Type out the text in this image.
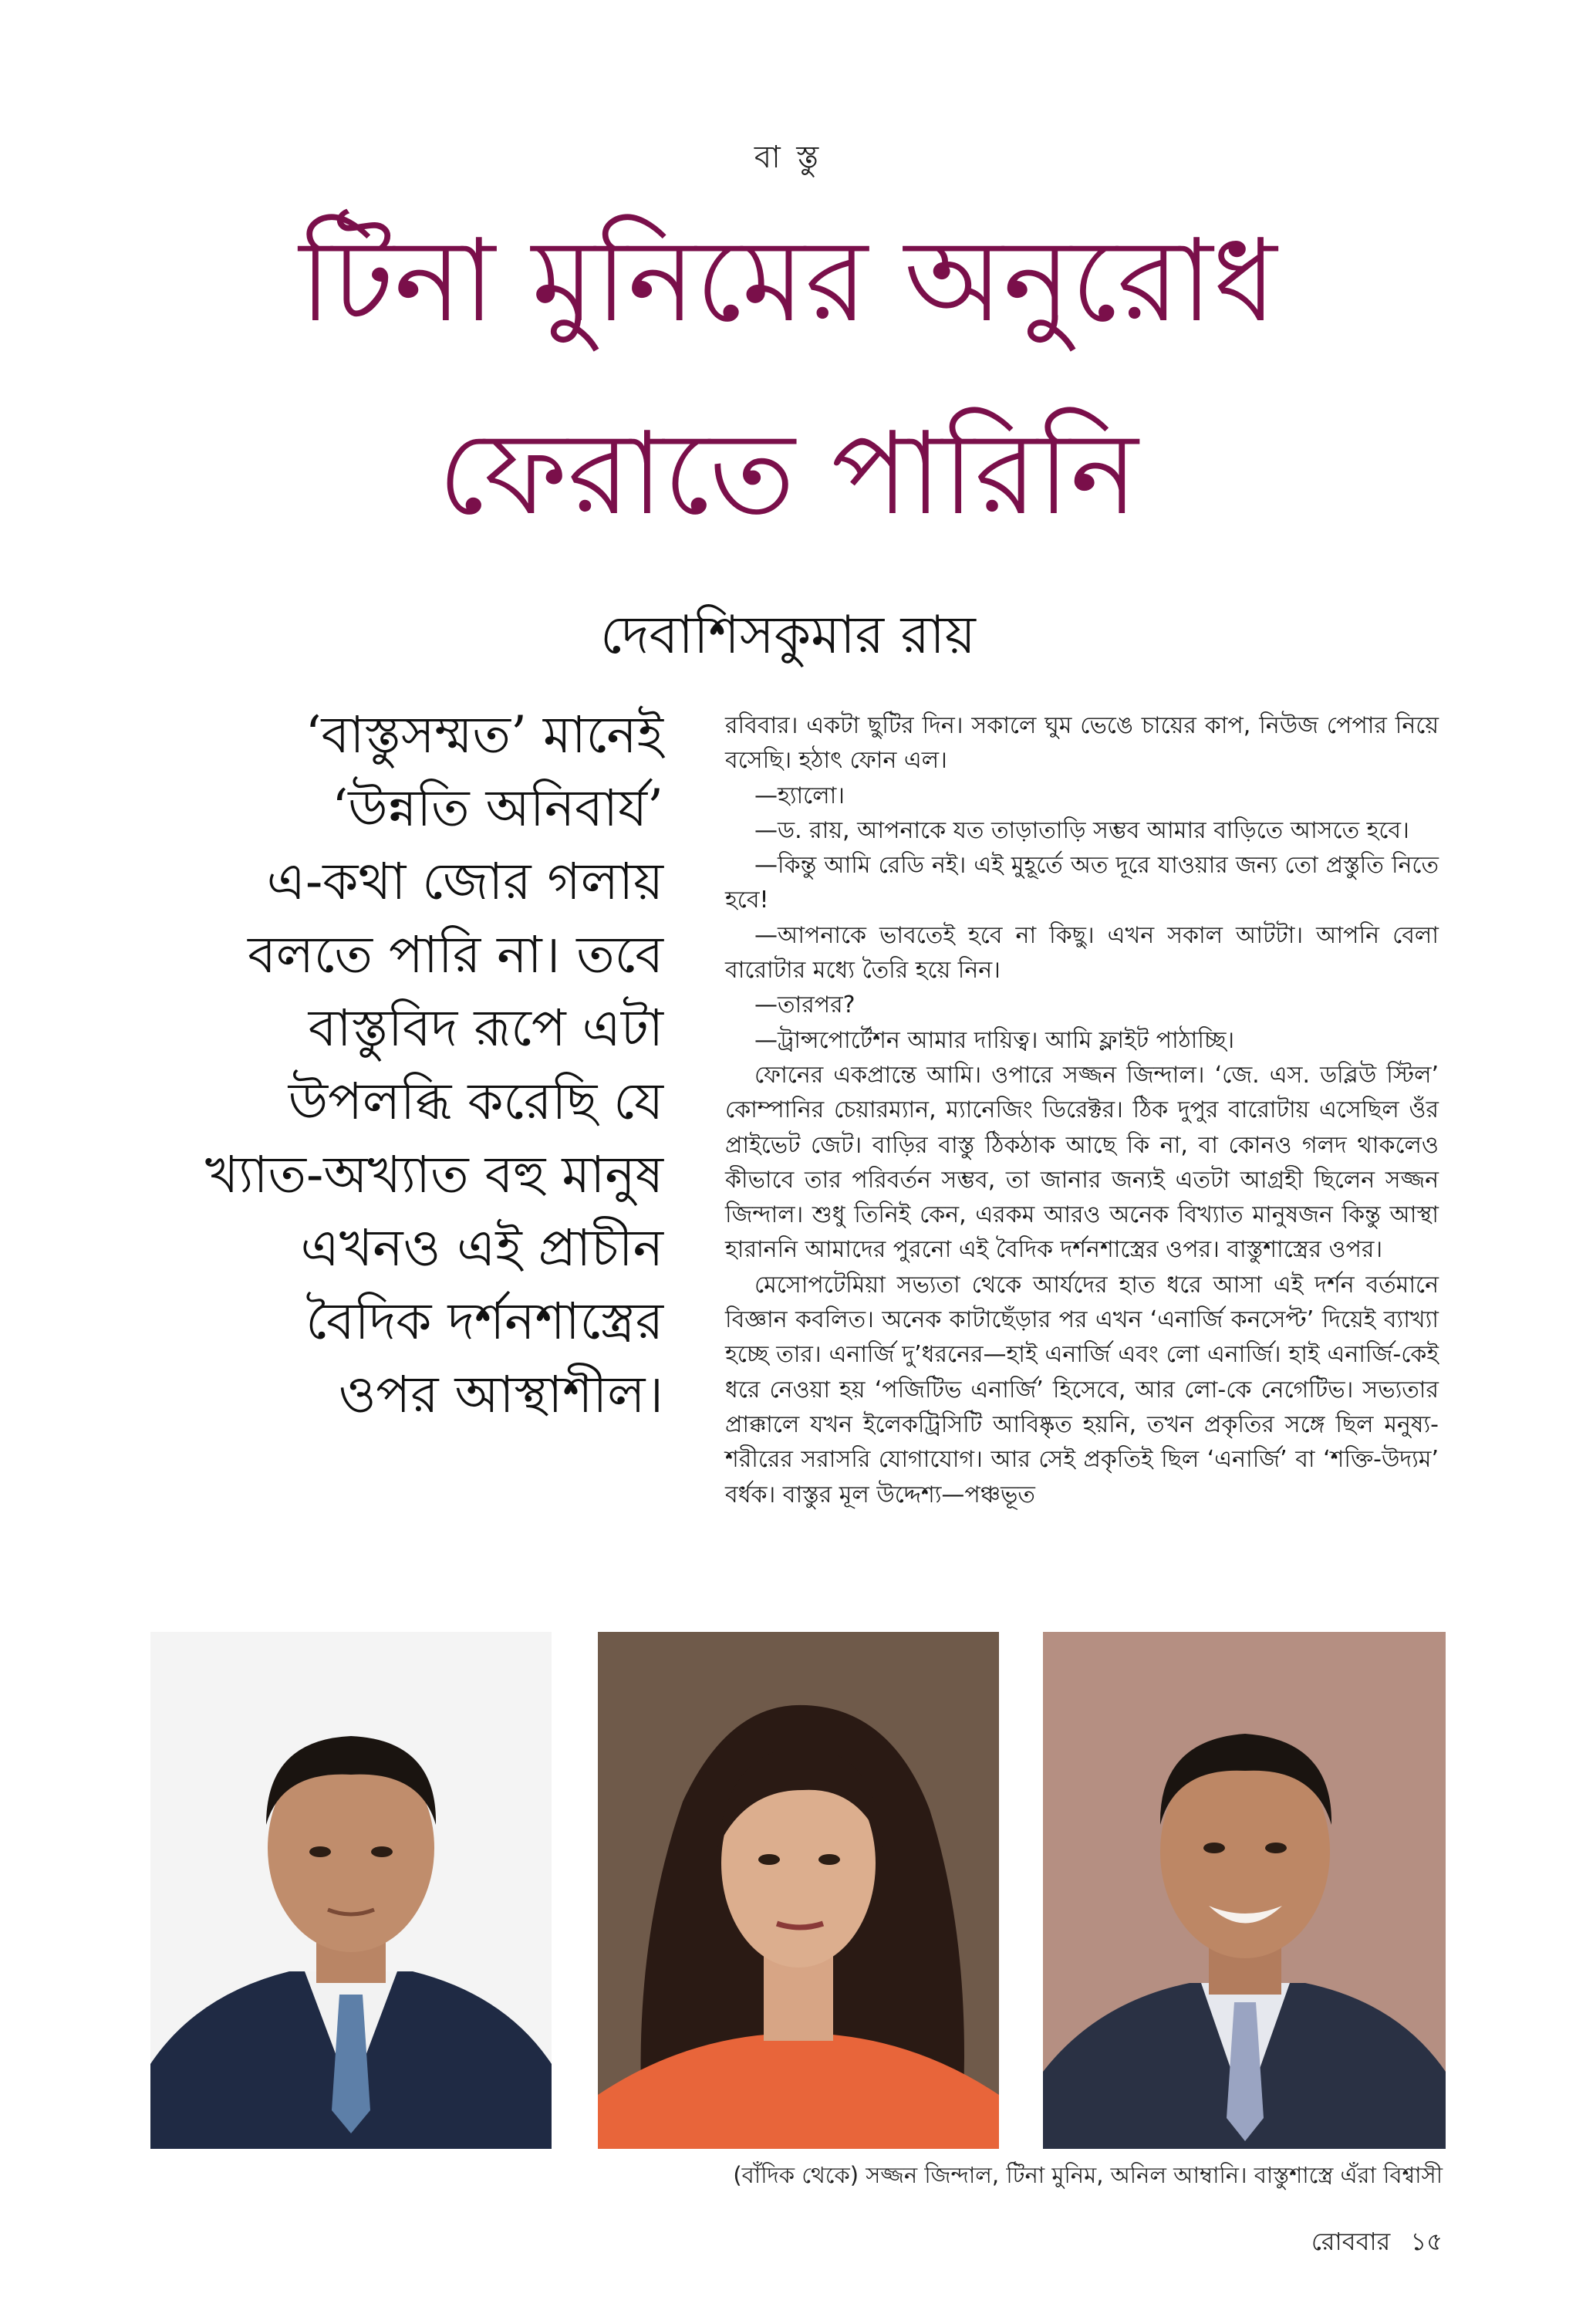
বা স্তু
টিনা মুনিমের অনুরোধ
ফেরাতে পারিনি
দেবাশিসকুমার রায়
‘বাস্তুসম্মত’ মানেই
‘উন্নতি অনিবার্য’
এ-কথা জোর গলায়
বলতে পারি না। তবে
বাস্তুবিদ রূপে এটা
উপলব্ধি করেছি যে
খ্যাত-অখ্যাত বহু মানুষ
এখনও এই প্রাচীন
বৈদিক দর্শনশাস্ত্রের
ওপর আস্থাশীল।

রবিবার। একটা ছুটির দিন। সকালে ঘুম ভেঙে চায়ের কাপ, নিউজ পেপার নিয়ে বসেছি। হঠাৎ ফোন এল।

—হ্যালো।

—ড. রায়, আপনাকে যত তাড়াতাড়ি সম্ভব আমার বাড়িতে আসতে হবে।

—কিন্তু আমি রেডি নই। এই মুহূর্তে অত দূরে যাওয়ার জন্য তো প্রস্তুতি নিতে হবে!

—আপনাকে ভাবতেই হবে না কিছু। এখন সকাল আটটা। আপনি বেলা বারোটার মধ্যে তৈরি হয়ে নিন।

—তারপর?

—ট্রান্সপোর্টেশন আমার দায়িত্ব। আমি ফ্লাইট পাঠাচ্ছি।

ফোনের একপ্রান্তে আমি। ওপারে সজ্জন জিন্দাল। ‘জে. এস. ডব্লিউ স্টিল’ কোম্পানির চেয়ারম্যান, ম্যানেজিং ডিরেক্টর। ঠিক দুপুর বারোটায় এসেছিল ওঁর প্রাইভেট জেট। বাড়ির বাস্তু ঠিকঠাক আছে কি না, বা কোনও গলদ থাকলেও কীভাবে তার পরিবর্তন সম্ভব, তা জানার জন্যই এতটা আগ্রহী ছিলেন সজ্জন জিন্দাল। শুধু তিনিই কেন, এরকম আরও অনেক বিখ্যাত মানুষজন কিন্তু আস্থা হারাননি আমাদের পুরনো এই বৈদিক দর্শনশাস্ত্রের ওপর। বাস্তুশাস্ত্রের ওপর।

মেসোপটেমিয়া সভ্যতা থেকে আর্যদের হাত ধরে আসা এই দর্শন বর্তমানে বিজ্ঞান কবলিত। অনেক কাটাছেঁড়ার পর এখন ‘এনার্জি কনসেপ্ট’ দিয়েই ব্যাখ্যা হচ্ছে তার। এনার্জি দু’ধরনের—হাই এনার্জি এবং লো এনার্জি। হাই এনার্জি-কেই ধরে নেওয়া হয় ‘পজিটিভ এনার্জি’ হিসেবে, আর লো-কে নেগেটিভ। সভ্যতার প্রাক্কালে যখন ইলেকট্রিসিটি আবিষ্কৃত হয়নি, তখন প্রকৃতির সঙ্গে ছিল মনুষ্য-শরীরের সরাসরি যোগাযোগ। আর সেই প্রকৃতিই ছিল ‘এনার্জি’ বা ‘শক্তি-উদ্যম’ বর্ধক। বাস্তুর মূল উদ্দেশ্য—পঞ্চভূত

(বাঁদিক থেকে) সজ্জন জিন্দাল, টিনা মুনিম, অনিল আম্বানি। বাস্তুশাস্ত্রে এঁরা বিশ্বাসী
রোববার ১৫
